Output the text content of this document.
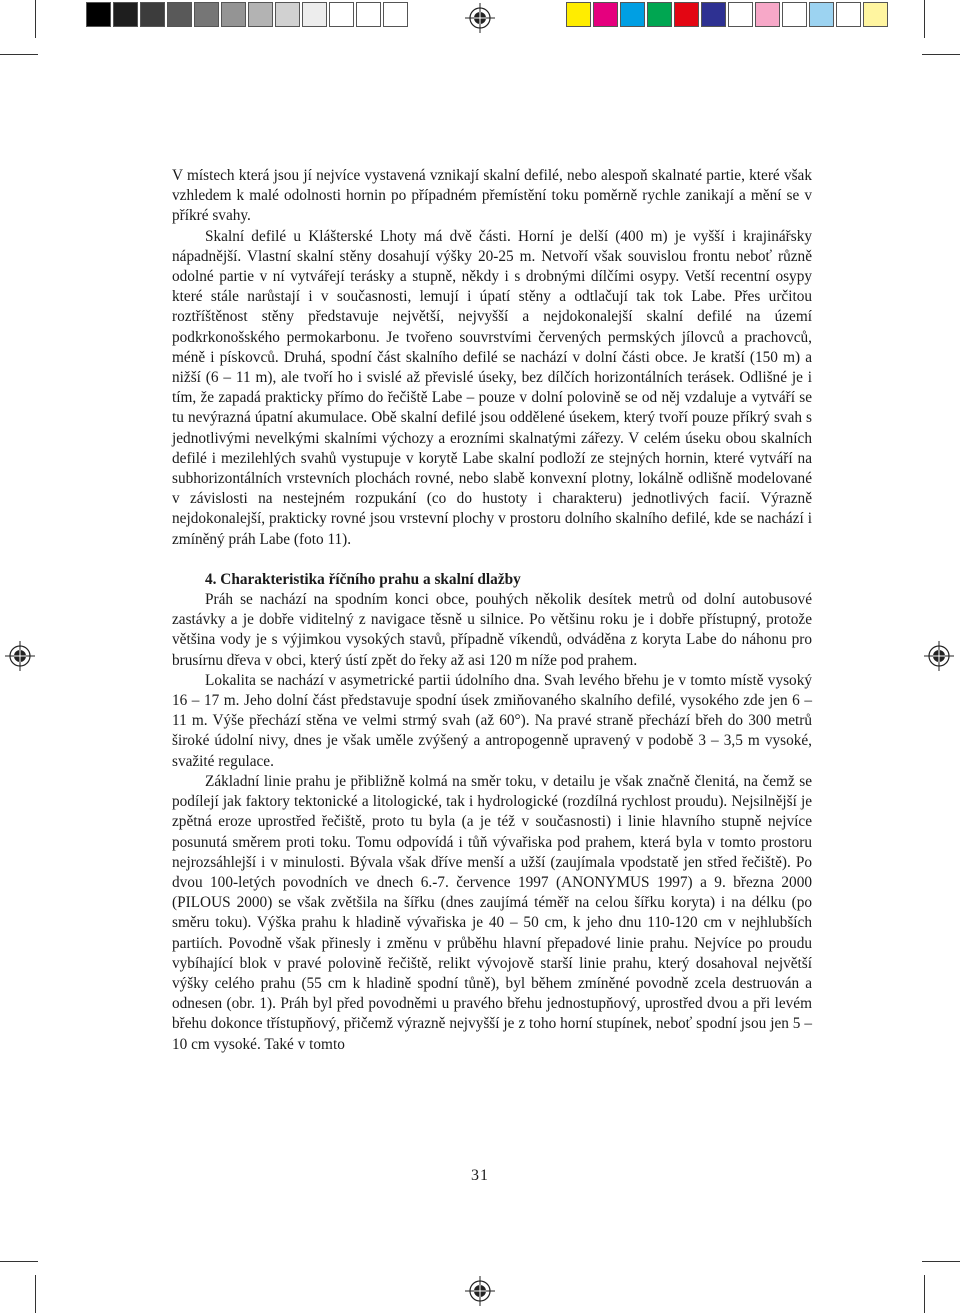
V místech která jsou jí nejvíce vystavená vznikají skalní defilé, nebo alespoň skalnaté partie, které však vzhledem k malé odolnosti hornin po případném přemístění toku poměrně rychle zanikají a mění se v příkré svahy.

Skalní defilé u Klášterské Lhoty má dvě části. Horní je delší (400 m) je vyšší i krajinářsky nápadnější. Vlastní skalní stěny dosahují výšky 20-25 m. Netvoří však souvislou frontu neboť různě odolné partie v ní vytvářejí terásky a stupně, někdy i s drobnými dílčími osypy. Vetší recentní osypy které stále narůstají i v současnosti, lemují i úpatí stěny a odtlačují tak tok Labe. Přes určitou roztříštěnost stěny představuje největší, nejvyšší a nejdokonalejší skalní defilé na území podkrkonošského permokarbonu. Je tvořeno souvrstvími červených permských jílovců a prachovců, méně i pískovců. Druhá, spodní část skalního defilé se nachází v dolní části obce. Je kratší (150 m) a nižší (6 – 11 m), ale tvoří ho i svislé až převislé úseky, bez dílčích horizontálních terásek. Odlišné je i tím, že zapadá prakticky přímo do řečiště Labe – pouze v dolní polovině se od něj vzdaluje a vytváří se tu nevýrazná úpatní akumulace. Obě skalní defilé jsou oddělené úsekem, který tvoří pouze příkrý svah s jednotlivými nevelkými skalními výchozy a erozními skalnatými zářezy. V celém úseku obou skalních defilé i mezilehlých svahů vystupuje v korytě Labe skalní podloží ze stejných hornin, které vytváří na subhorizontálních vrstevních plochách rovné, nebo slabě konvexní plotny, lokálně odlišně modelované v závislosti na nestejném rozpukání (co do hustoty i charakteru) jednotlivých facií. Výrazně nejdokonalejší, prakticky rovné jsou vrstevní plochy v prostoru dolního skalního defilé, kde se nachází i zmíněný práh Labe (foto 11).

4. Charakteristika říčního prahu a skalní dlažby

Práh se nachází na spodním konci obce, pouhých několik desítek metrů od dolní autobusové zastávky a je dobře viditelný z navigace těsně u silnice. Po většinu roku je i dobře přístupný, protože většina vody je s výjimkou vysokých stavů, případně víkendů, odváděna z koryta Labe do náhonu pro brusírnu dřeva v obci, který ústí zpět do řeky až asi 120 m níže pod prahem.

Lokalita se nachází v asymetrické partii údolního dna. Svah levého břehu je v tomto místě vysoký 16 – 17 m. Jeho dolní část představuje spodní úsek zmiňovaného skalního defilé, vysokého zde jen 6 – 11 m. Výše přechází stěna ve velmi strmý svah (až 60°). Na pravé straně přechází břeh do 300 metrů široké údolní nivy, dnes je však uměle zvýšený a antropogenně upravený v podobě 3 – 3,5 m vysoké, svažité regulace.

Základní linie prahu je přibližně kolmá na směr toku, v detailu je však značně členitá, na čemž se podílejí jak faktory tektonické a litologické, tak i hydrologické (rozdílná rychlost proudu). Nejsilnější je zpětná eroze uprostřed řečiště, proto tu byla (a je též v současnosti) i linie hlavního stupně nejvíce posunutá směrem proti toku. Tomu odpovídá i tůň vývařiska pod prahem, která byla v tomto prostoru nejrozsáhlejší i v minulosti. Bývala však dříve menší a užší (zaujímala vpodstatě jen střed řečiště). Po dvou 100-letých povodních ve dnech 6.-7. července 1997 (ANONYMUS 1997) a 9. března 2000 (PILOUS 2000) se však zvětšila na šířku (dnes zaujímá téměř na celou šířku koryta) i na délku (po směru toku). Výška prahu k hladině vývařiska je 40 – 50 cm, k jeho dnu 110-120 cm v nejhlubších partiích. Povodně však přinesly i změnu v průběhu hlavní přepadové linie prahu. Nejvíce po proudu vybíhající blok v pravé polovině řečiště, relikt vývojově starší linie prahu, který dosahoval největší výšky celého prahu (55 cm k hladině spodní tůně), byl během zmíněné povodně zcela destruován a odnesen (obr. 1). Práh byl před povodněmi u pravého břehu jednostupňový, uprostřed dvou a při levém břehu dokonce třístupňový, přičemž výrazně nejvyšší je z toho horní stupínek, neboť spodní jsou jen 5 – 10 cm vysoké. Také v tomto

31
